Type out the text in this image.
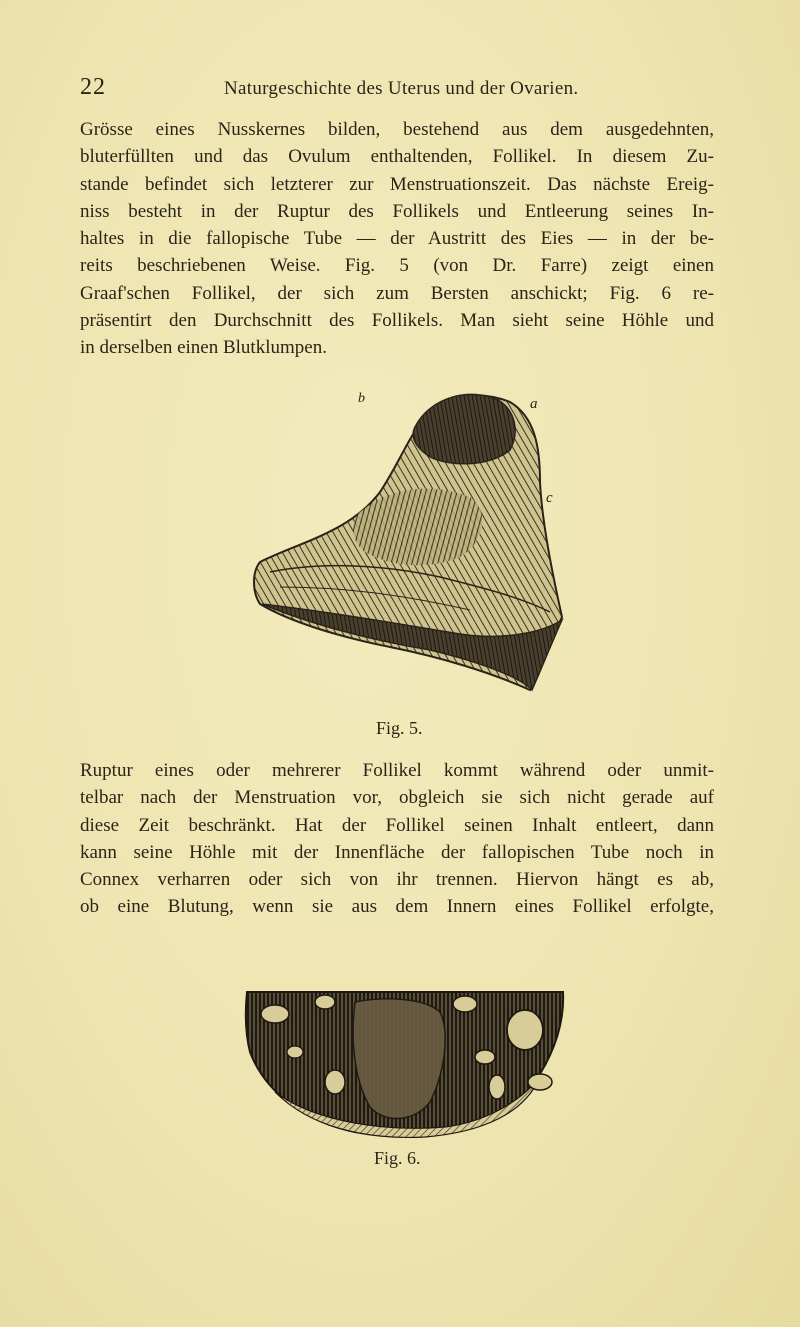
22	Naturgeschichte des Uterus und der Ovarien.
Grösse eines Nusskernes bilden, bestehend aus dem ausgedehnten,
bluterfüllten und das Ovulum enthaltenden, Follikel. In diesem Zu-
stande befindet sich letzterer zur Menstruationszeit. Das nächste Ereig-
niss besteht in der Ruptur des Follikels und Entleerung seines In-
haltes in die fallopische Tube — der Austritt des Eies — in der be-
reits beschriebenen Weise. Fig. 5 (von Dr. Farre) zeigt einen
Graaf'schen Follikel, der sich zum Bersten anschickt; Fig. 6 re-
präsentirt den Durchschnitt des Follikels. Man sieht seine Höhle und
in derselben einen Blutklumpen.
b	a
c
Fig. 5.
Ruptur eines oder mehrerer Follikel kommt während oder unmit-
telbar nach der Menstruation vor, obgleich sie sich nicht gerade auf
diese Zeit beschränkt. Hat der Follikel seinen Inhalt entleert, dann
kann seine Höhle mit der Innenfläche der fallopischen Tube noch in
Connex verharren oder sich von ihr trennen. Hiervon hängt es ab,
ob eine Blutung, wenn sie aus dem Innern eines Follikel erfolgte,
Fig. 6.
